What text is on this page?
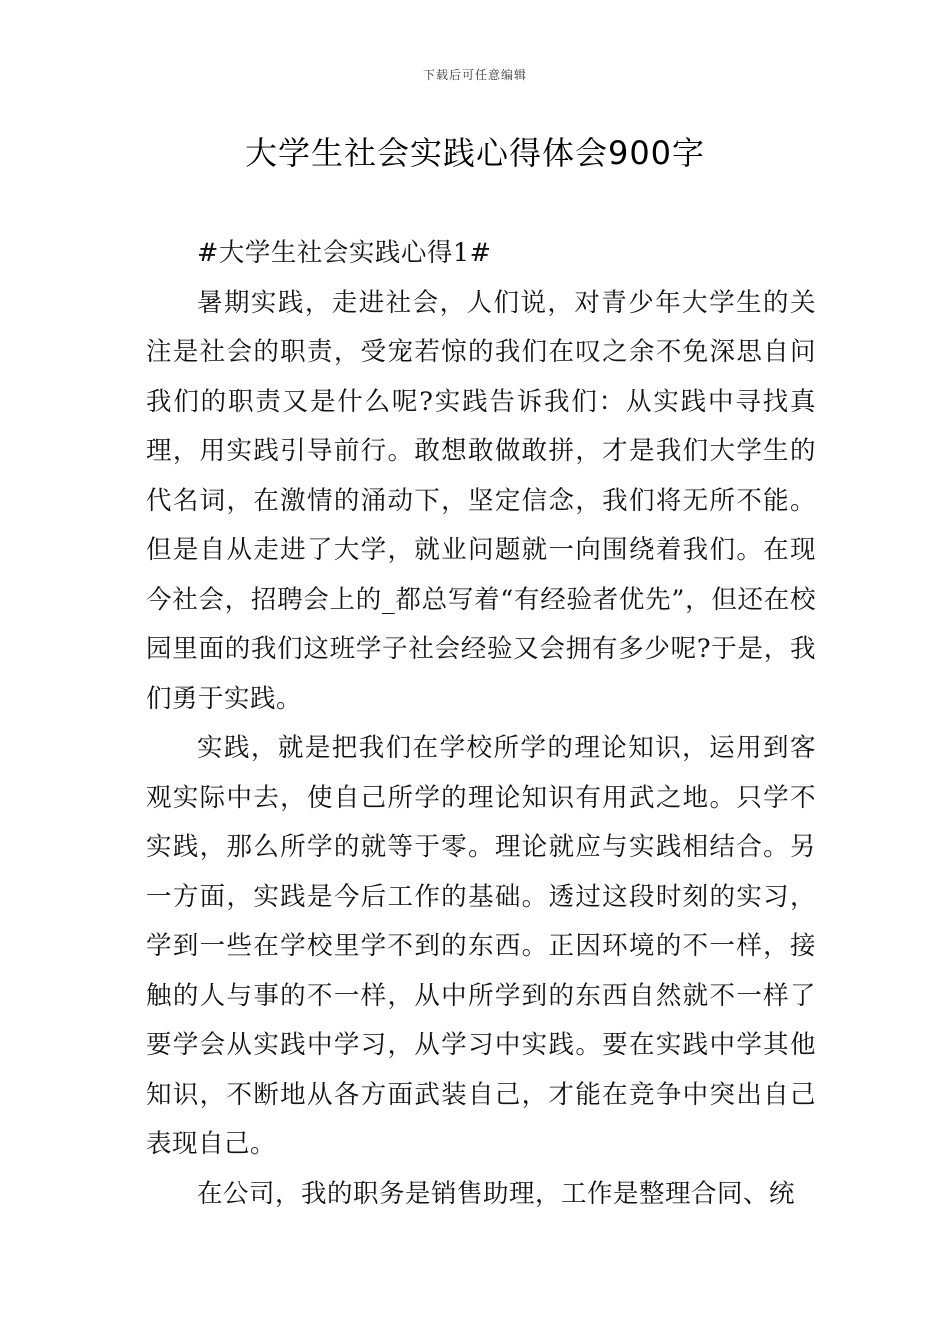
下载后可任意编辑
大学生社会实践心得体会900字

#大学生社会实践心得1#

暑期实践，走进社会，人们说，对青少年大学生的关注是社会的职责，受宠若惊的我们在叹之余不免深思自问我们的职责又是什么呢?实践告诉我们：从实践中寻找真理，用实践引导前行。敢想敢做敢拼，才是我们大学生的代名词，在激情的涌动下，坚定信念，我们将无所不能。但是自从走进了大学，就业问题就一向围绕着我们。在现今社会，招聘会上的_都总写着“有经验者优先”，但还在校园里面的我们这班学子社会经验又会拥有多少呢?于是，我们勇于实践。

实践，就是把我们在学校所学的理论知识，运用到客观实际中去，使自己所学的理论知识有用武之地。只学不实践，那么所学的就等于零。理论就应与实践相结合。另一方面，实践是今后工作的基础。透过这段时刻的实习，学到一些在学校里学不到的东西。正因环境的不一样，接触的人与事的不一样，从中所学到的东西自然就不一样了要学会从实践中学习，从学习中实践。要在实践中学其他知识，不断地从各方面武装自己，才能在竞争中突出自己表现自己。

在公司，我的职务是销售助理，工作是整理合同、统
